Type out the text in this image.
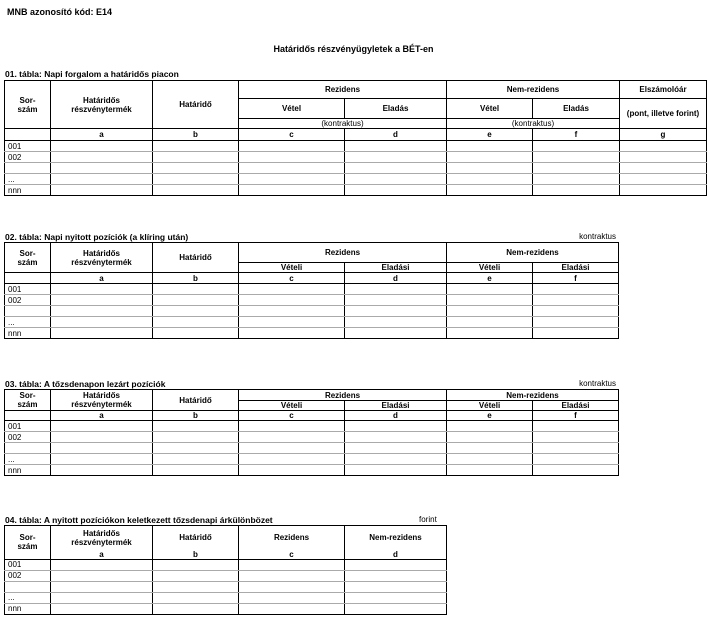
MNB azonosító kód: E14
Határidős részvényügyletek a BÉT-en
01. tábla: Napi forgalom a határidős piacon
Sor-
szám	Határidős
részvénytermék	Határidő	Rezidens		Nem-rezidens		Elszámolóár
			Vétel	Eladás	Vétel	Eladás	(pont, illetve forint)
			(kontraktus)		(kontraktus)		
	a	b	c	d	e	f	g
001							
002							

...							
nnn							
02. tábla: Napi nyitott pozíciók (a klíring után)	kontraktus
Sor-
szám	Határidős
részvénytermék	Határidő	Rezidens		Nem-rezidens	
			Vételi	Eladási	Vételi	Eladási
	a	b	c	d	e	f
001						
002						

...						
nnn						
03. tábla: A tőzsdenapon lezárt pozíciók	kontraktus
Sor-
szám	Határidős
részvénytermék	Határidő	Rezidens		Nem-rezidens	
			Vételi	Eladási	Vételi	Eladási
	a	b	c	d	e	f
001						
002						

...						
nnn						
04. tábla: A nyitott pozíciókon keletkezett tőzsdenapi árkülönbözet	forint
Sor-
szám	Határidős
részvénytermék	Határidő	Rezidens	Nem-rezidens
	a	b	c	d
001				
002				

...				
nnn				
